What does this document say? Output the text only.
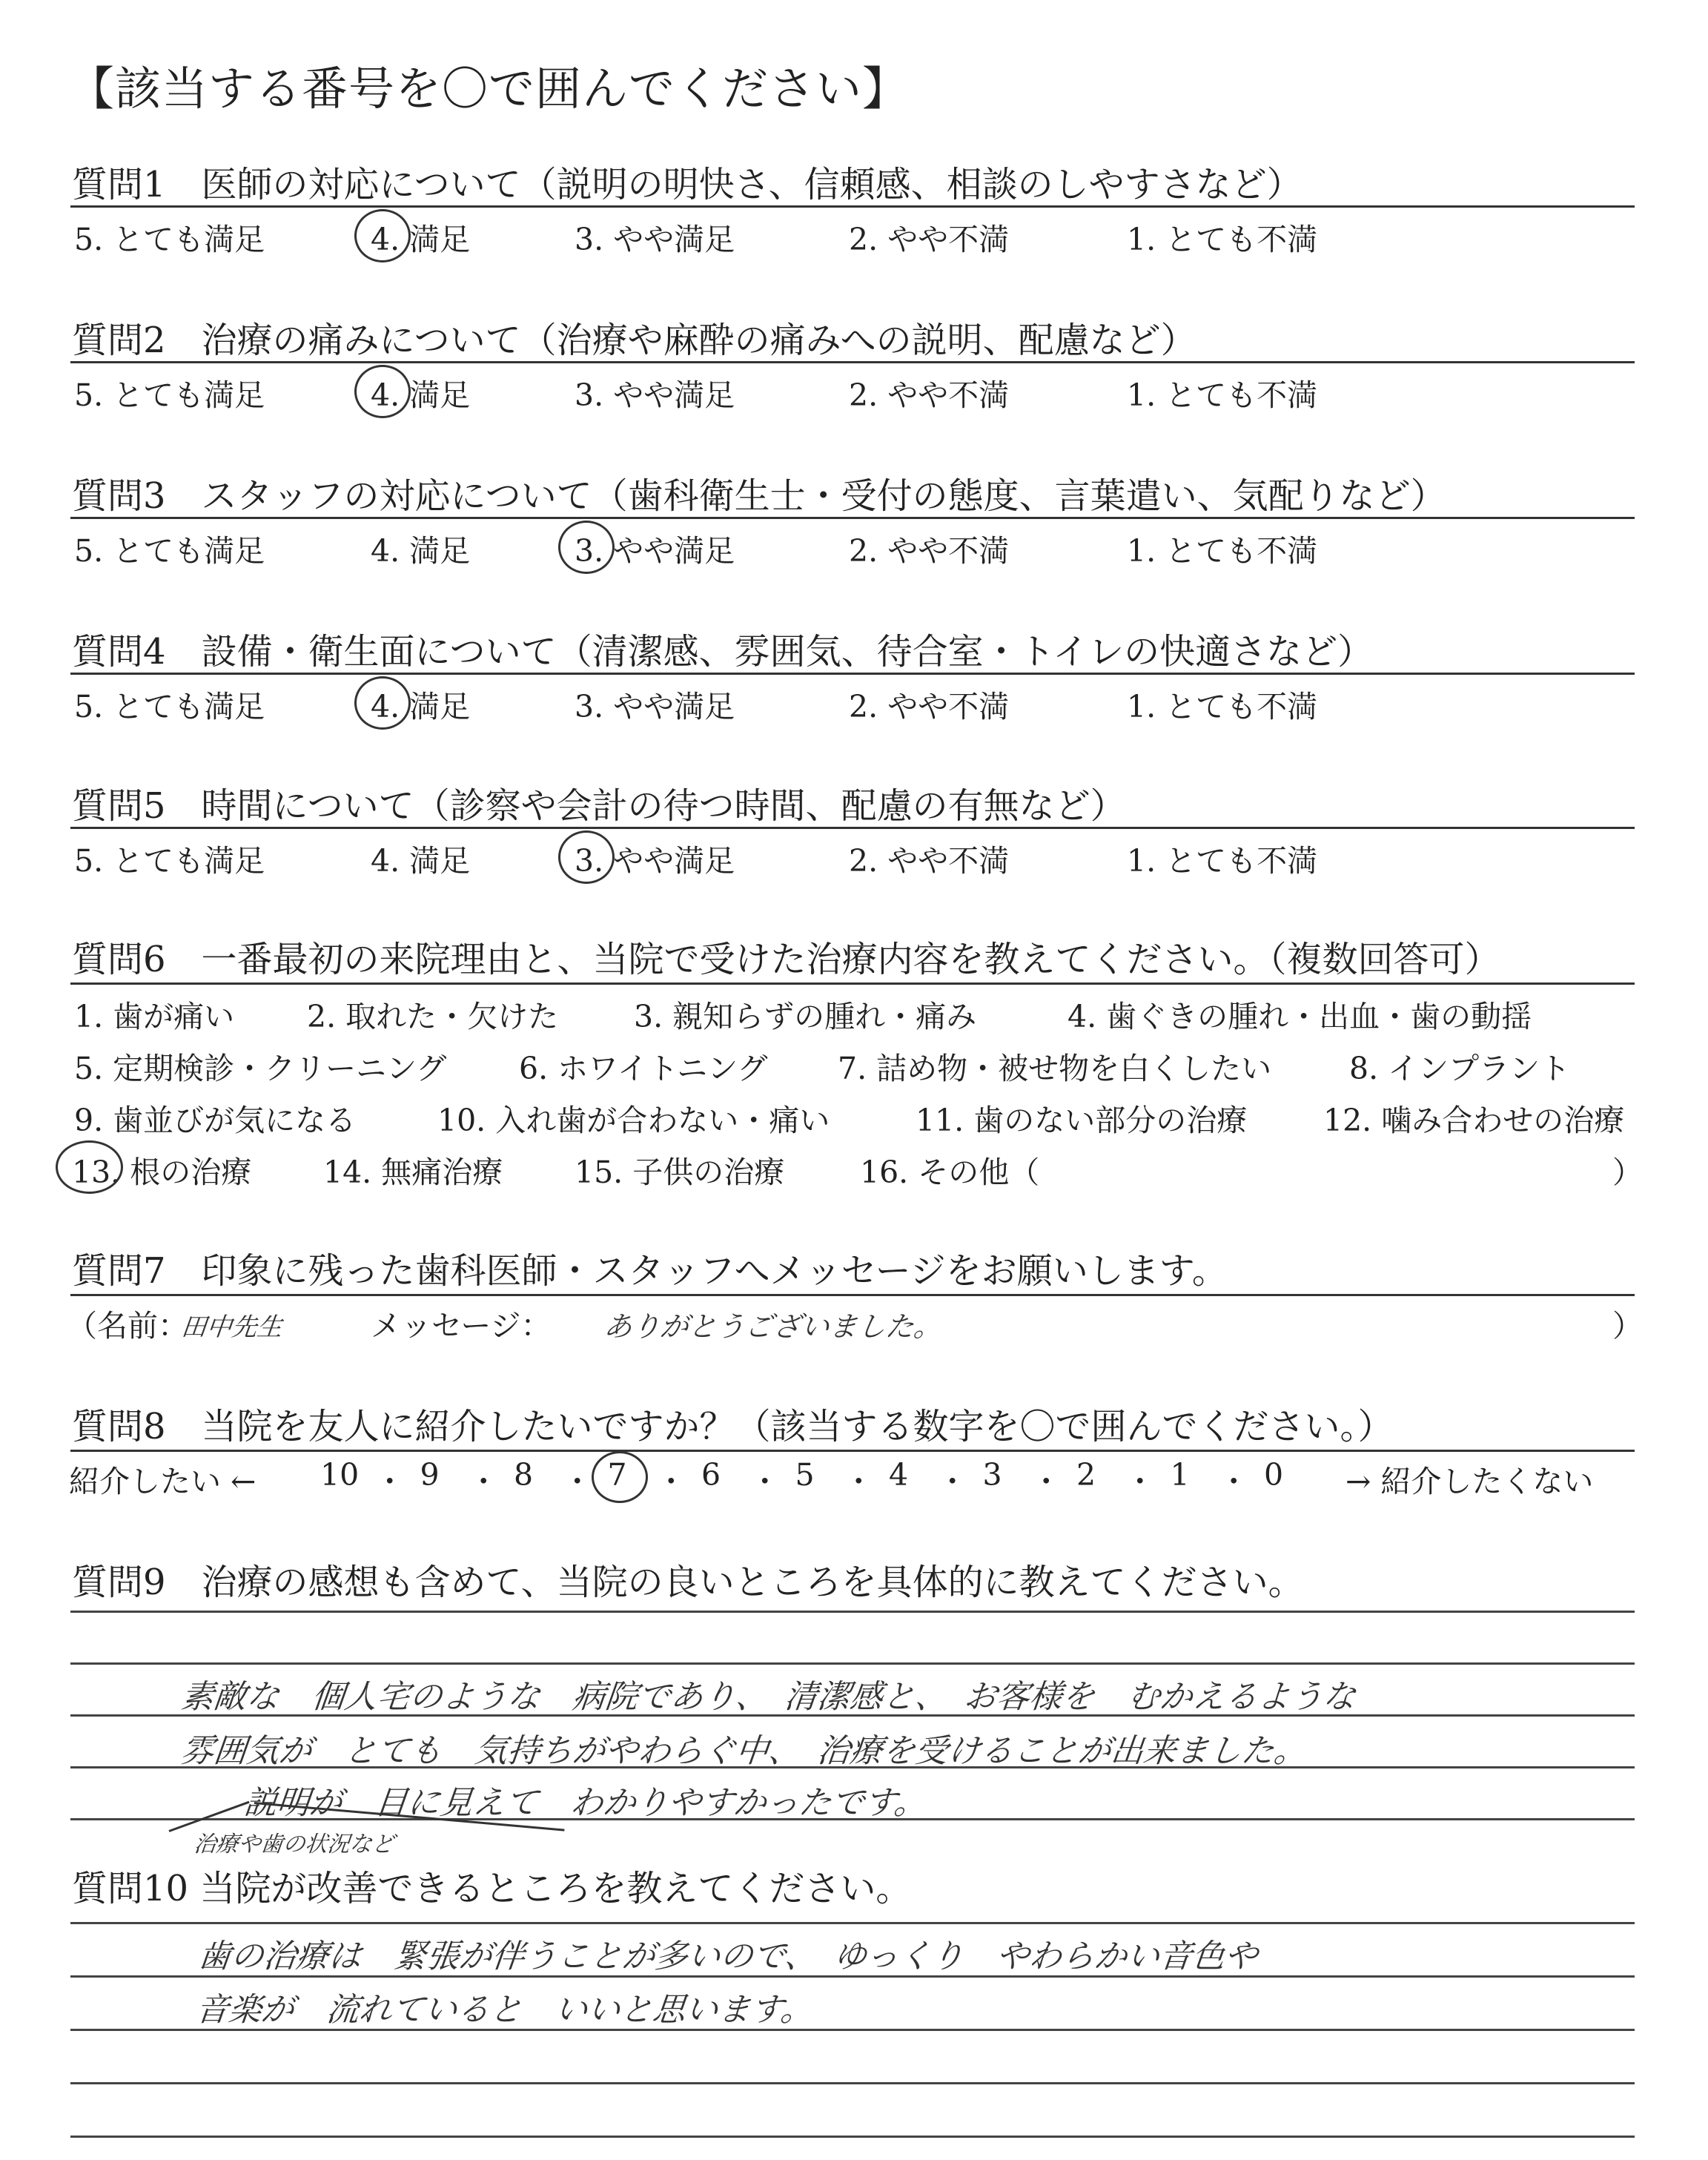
【該当する番号を〇で囲んでください】
質問1　医師の対応について（説明の明快さ、信頼感、相談のしやすさなど）
5. とても満足	4. 満足	3. やや満足	2. やや不満	1. とても不満
質問2　治療の痛みについて（治療や麻酔の痛みへの説明、配慮など）
5. とても満足	4. 満足	3. やや満足	2. やや不満	1. とても不満
質問3　スタッフの対応について（歯科衛生士・受付の態度、言葉遣い、気配りなど）
5. とても満足	4. 満足	3. やや満足	2. やや不満	1. とても不満
質問4　設備・衛生面について（清潔感、雰囲気、待合室・トイレの快適さなど）
5. とても満足	4. 満足	3. やや満足	2. やや不満	1. とても不満
質問5　時間について（診察や会計の待つ時間、配慮の有無など）
5. とても満足	4. 満足	3. やや満足	2. やや不満	1. とても不満
質問6　一番最初の来院理由と、当院で受けた治療内容を教えてください。（複数回答可）
1. 歯が痛い 2. 取れた・欠けた 3. 親知らずの腫れ・痛み	4. 歯ぐきの腫れ・出血・歯の動揺
5. 定期検診・クリーニング 6. ホワイトニング 7. 詰め物・被せ物を白くしたい	8. インプラント
9. 歯並びが気になる	10. 入れ歯が合わない・痛い	11. 歯のない部分の治療	12. 噛み合わせの治療
13. 根の治療 14. 無痛治療 15. 子供の治療 16. その他（	）
質問7　印象に残った歯科医師・スタッフへメッセージをお願いします。
（名前：
田中先生	メッセージ： ありがとうございました。	）
質問8　当院を友人に紹介したいですか？（該当する数字を〇で囲んでください。）
紹介したい ← 10 ・ 9 ・ 8 ・ 7 ・ 6 ・ 5 ・ 4 ・ 3 ・ 2 ・ 1 ・ 0 → 紹介したくない
質問9　治療の感想も含めて、当院の良いところを具体的に教えてください。
素敵な　個人宅のような　病院であり、　清潔感と、　お客様を　むかえるような
雰囲気が　とても　気持ちがやわらぐ中、　治療を受けることが出来ました。
説明が　目に見えて　わかりやすかったです。
治療や歯の状況など
質問10 当院が改善できるところを教えてください。
歯の治療は　緊張が伴うことが多いので、　ゆっくり　やわらかい音色や
音楽が　流れていると　いいと思います。
